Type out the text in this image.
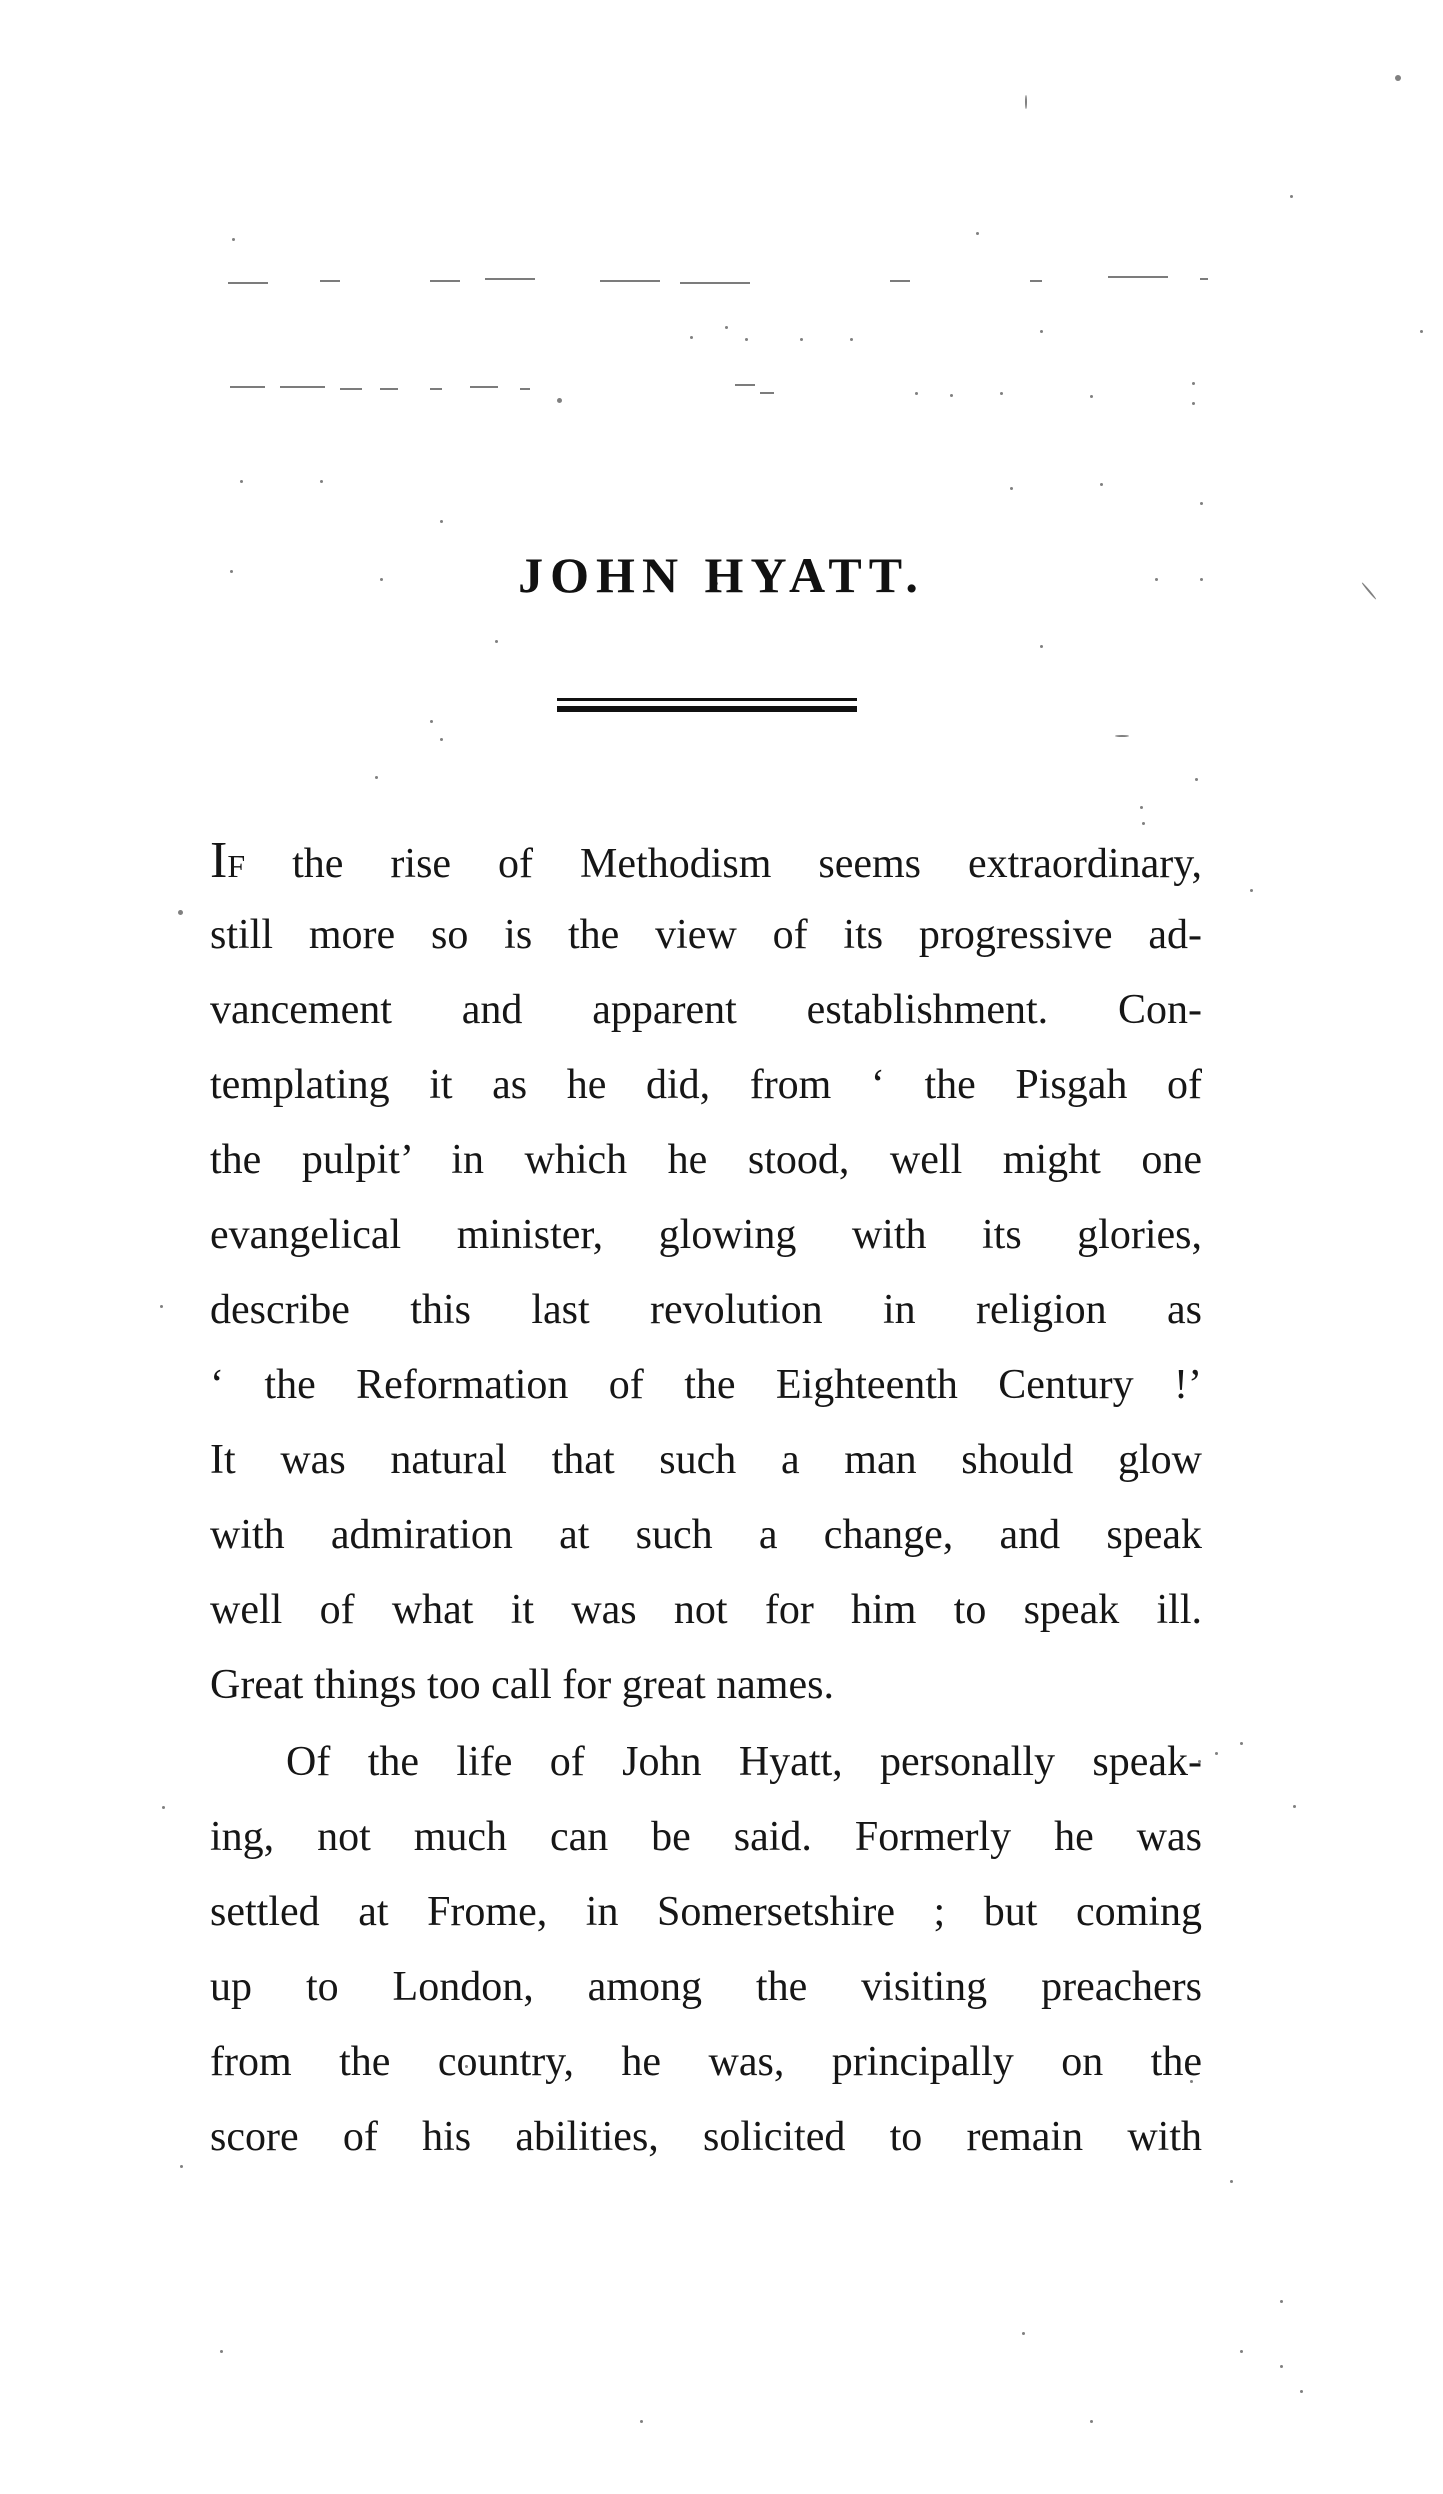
JOHN HYATT.
IF the rise of Methodism seems extraordinary,
still more so is the view of its progressive ad-
vancement and apparent establishment. Con-
templating it as he did, from ‘ the Pisgah of
the pulpit’ in which he stood, well might one
evangelical minister, glowing with its glories,
describe this last revolution in religion as
‘ the Reformation of the Eighteenth Century !’
It was natural that such a man should glow
with admiration at such a change, and speak
well of what it was not for him to speak ill.
Great things too call for great names.
Of the life of John Hyatt, personally speak-
ing, not much can be said. Formerly he was
settled at Frome, in Somersetshire ; but coming
up to London, among the visiting preachers
from the country, he was, principally on the
score of his abilities, solicited to remain with
